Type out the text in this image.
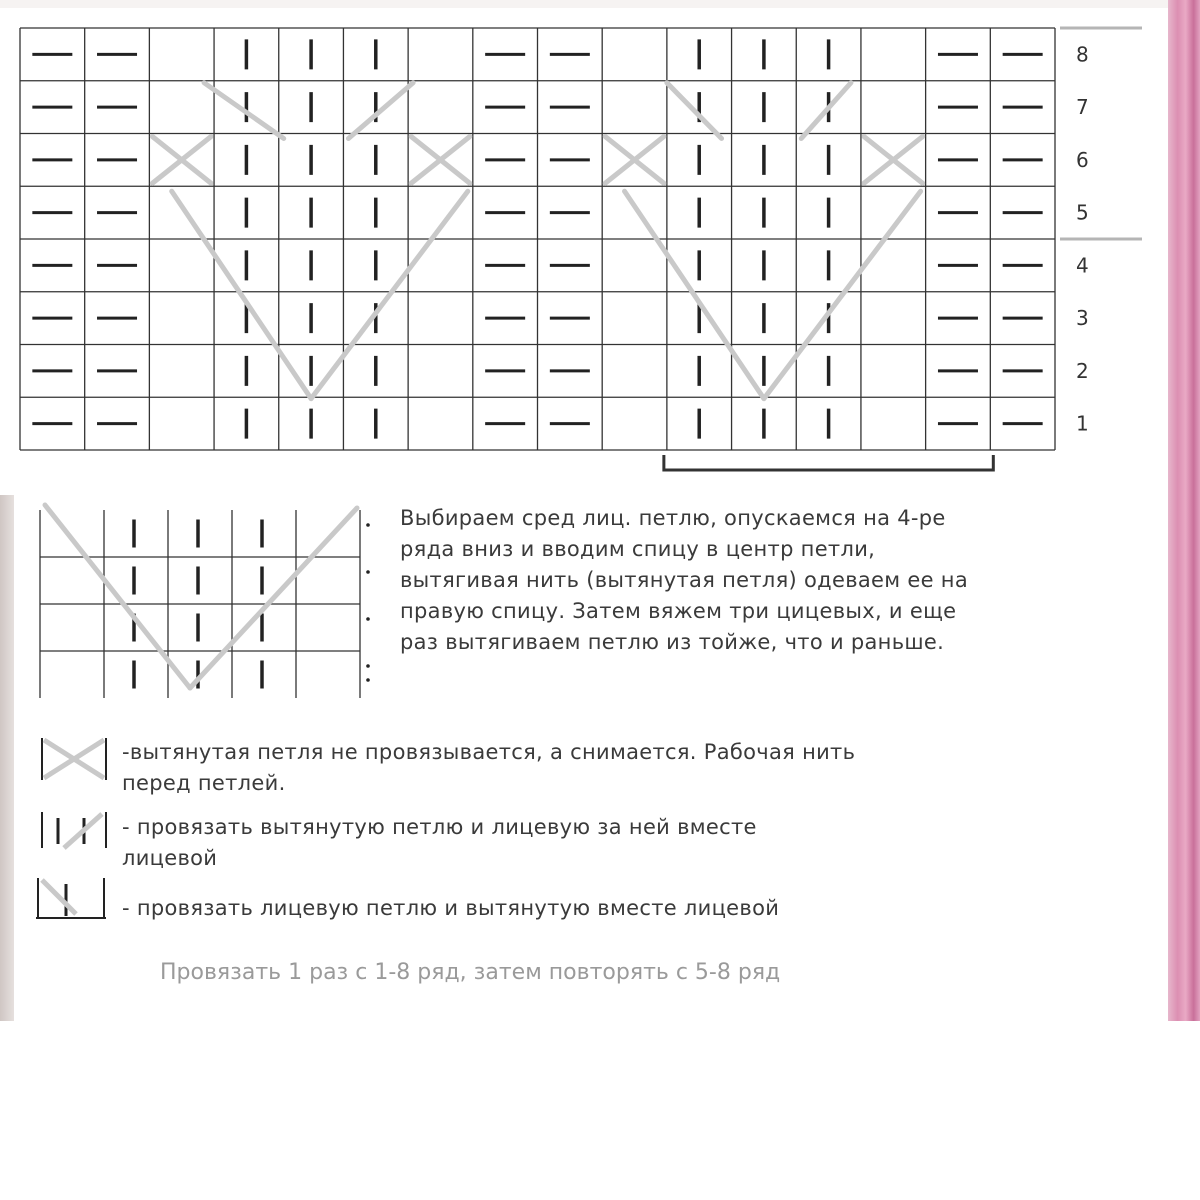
8
7
6
5
4
3
2
1
Выбираем сред лиц. петлю, опускаемся на 4-ре
ряда вниз и вводим спицу в центр петли,
вытягивая нить (вытянутая петля) одеваем ее на
правую спицу. Затем вяжем три цицевых, и еще
раз вытягиваем петлю из тойже, что и раньше.
-вытянутая петля не провязывается, а снимается. Рабочая нить
перед петлей.
- провязать вытянутую петлю и лицевую за ней вместе
лицевой
- провязать лицевую петлю и вытянутую вместе лицевой
Провязать 1 раз с 1-8 ряд, затем повторять с 5-8 ряд
